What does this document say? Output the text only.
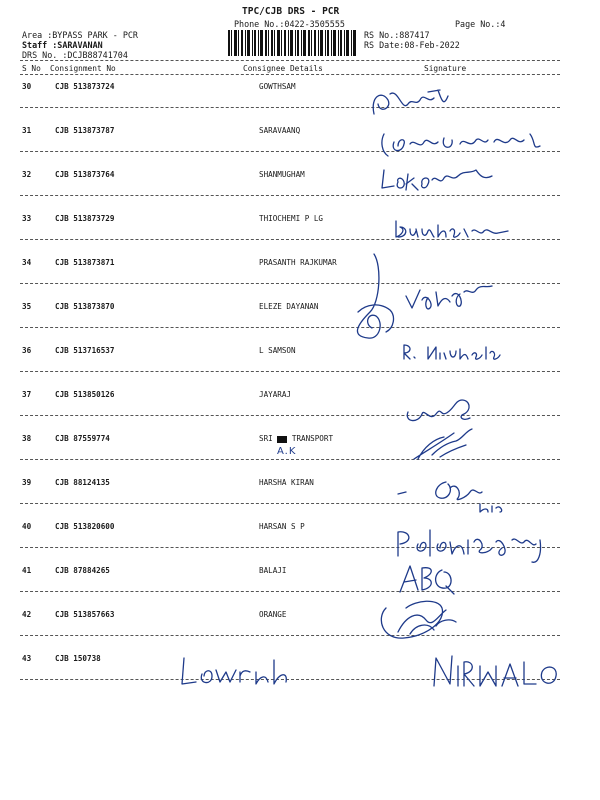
TPC/CJB DRS - PCR
Phone No.:0422-3505555	Page No.:4
Area :BYPASS PARK - PCR
Staff :SARAVANAN
DRS No. :DCJB88741704
RS No.:887417
RS Date:08-Feb-2022
S No Consignment No	Consignee Details	Signature
30	CJB 513873724	GOWTHSAM
31	CJB 513873787	SARAVAANQ
32	CJB 513873764	SHANMUGHAM
33	CJB 513873729	THIOCHEMI P LG
34	CJB 513873871	PRASANTH RAJKUMAR
35	CJB 513873870	ELEZE DAYANAN
36	CJB 513716537	L SAMSON
37	CJB 513850126	JAYARAJ
38	CJB 87559774	SRI	TRANSPORT
39	CJB 88124135	HARSHA KIRAN
40	CJB 513820600	HARSAN S P
41	CJB 87884265	BALAJI
42	CJB 513857663	ORANGE
43	CJB 150738
A.K
